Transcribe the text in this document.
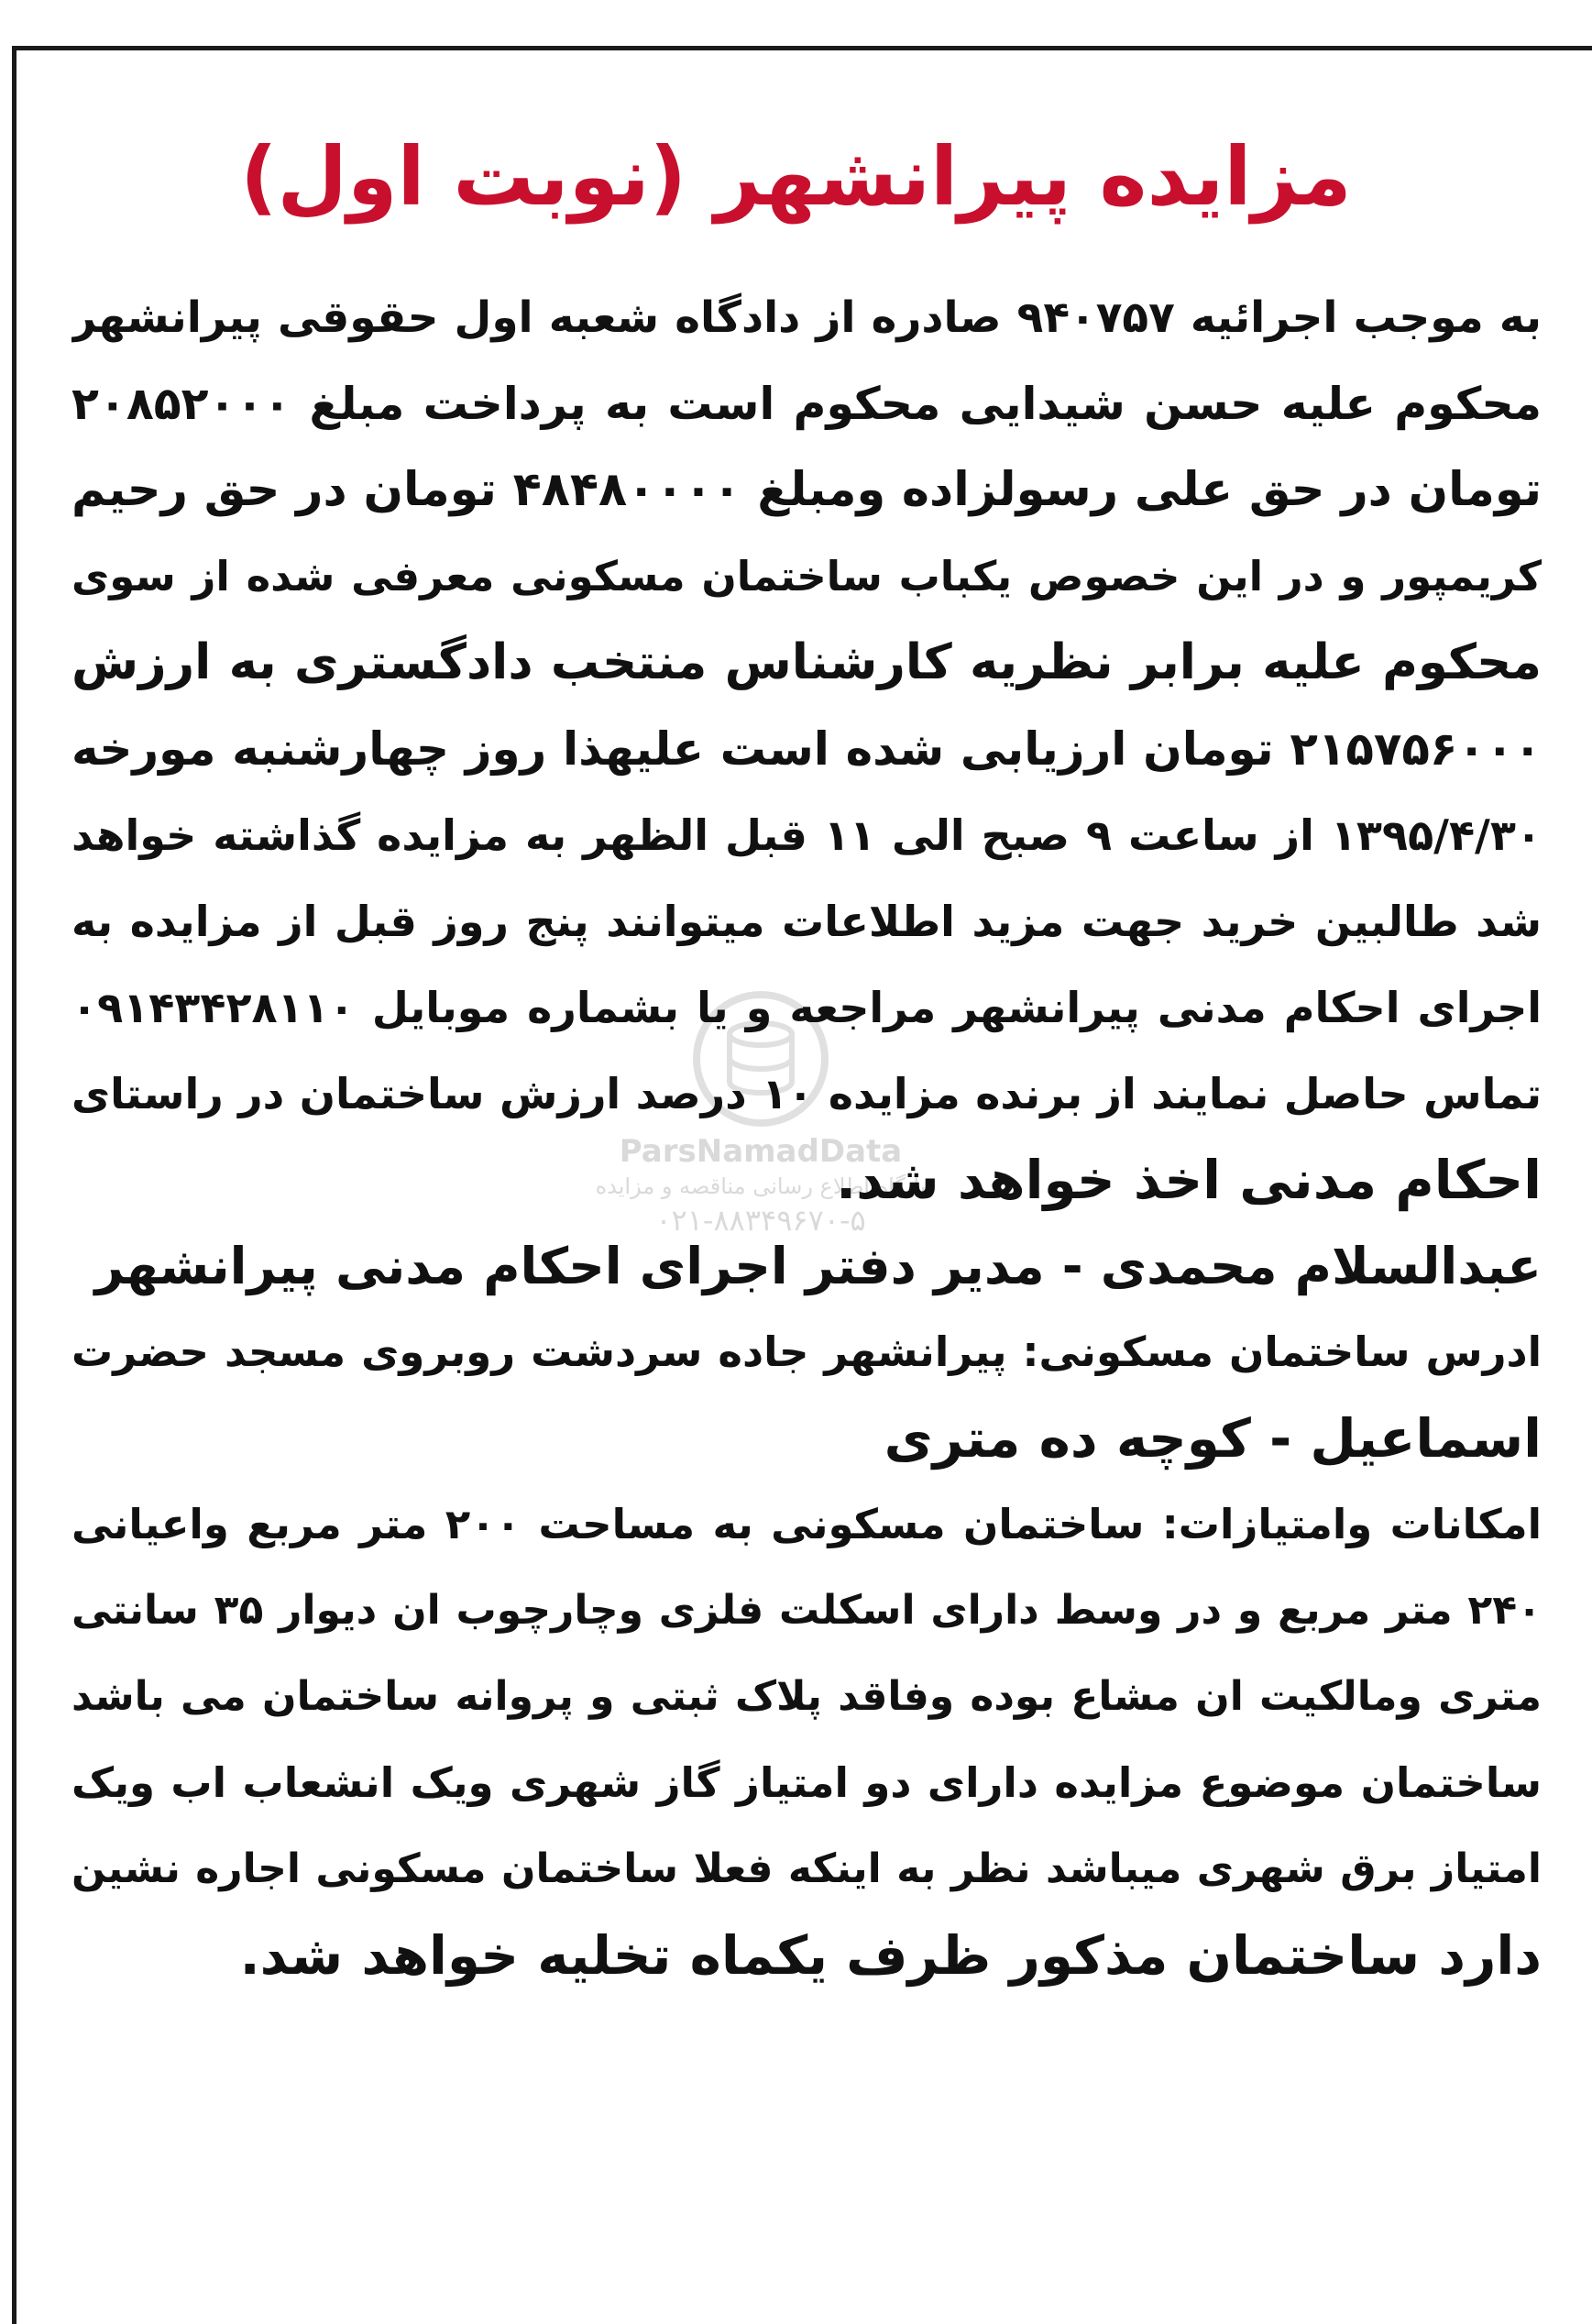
مزایده پیرانشهر (نوبت اول)
ParsNamadData
پایگاه اطلاع رسانی مناقصه و مزایده
۰۲۱-۸۸۳۴۹۶۷۰-۵
به موجب اجرائیه ۹۴۰۷۵۷ صادره از دادگاه شعبه اول حقوقی پیرانشهر
محکوم علیه حسن شیدایی محکوم است به پرداخت مبلغ ۲۰۸۵۲۰۰۰
تومان در حق علی رسولزاده ومبلغ ۴۸۴۸۰۰۰۰ تومان در حق رحیم
کریمپور و در این خصوص یکباب ساختمان مسکونی معرفی شده از سوی
محکوم علیه برابر نظریه کارشناس منتخب دادگستری به ارزش
۲۱۵۷۵۶۰۰۰ تومان ارزیابی شده است علیهذا روز چهارشنبه مورخه
۱۳۹۵/۴/۳۰ از ساعت ۹ صبح الی ۱۱ قبل الظهر به مزایده گذاشته خواهد
شد طالبین خرید جهت مزید اطلاعات میتوانند پنج روز قبل از مزایده به
اجرای احکام مدنی پیرانشهر مراجعه و یا بشماره موبایل ۰۹۱۴۳۴۲۸۱۱۰
تماس حاصل نمایند از برنده مزایده ۱۰ درصد ارزش ساختمان در راستای
احکام مدنی اخذ خواهد شد.
عبدالسلام محمدی - مدیر دفتر اجرای احکام مدنی پیرانشهر
ادرس ساختمان مسکونی: پیرانشهر جاده سردشت روبروی مسجد حضرت
اسماعیل - کوچه ده متری
امکانات وامتیازات: ساختمان مسکونی به مساحت ۲۰۰ متر مربع واعیانی
۲۴۰ متر مربع و در وسط دارای اسکلت فلزی وچارچوب ان دیوار ۳۵ سانتی
متری ومالکیت ان مشاع بوده وفاقد پلاک ثبتی و پروانه ساختمان می باشد
ساختمان موضوع مزایده دارای دو امتیاز گاز شهری ویک انشعاب اب ویک
امتیاز برق شهری میباشد نظر به اینکه فعلا ساختمان مسکونی اجاره نشین
دارد ساختمان مذکور ظرف یکماه تخلیه خواهد شد.
